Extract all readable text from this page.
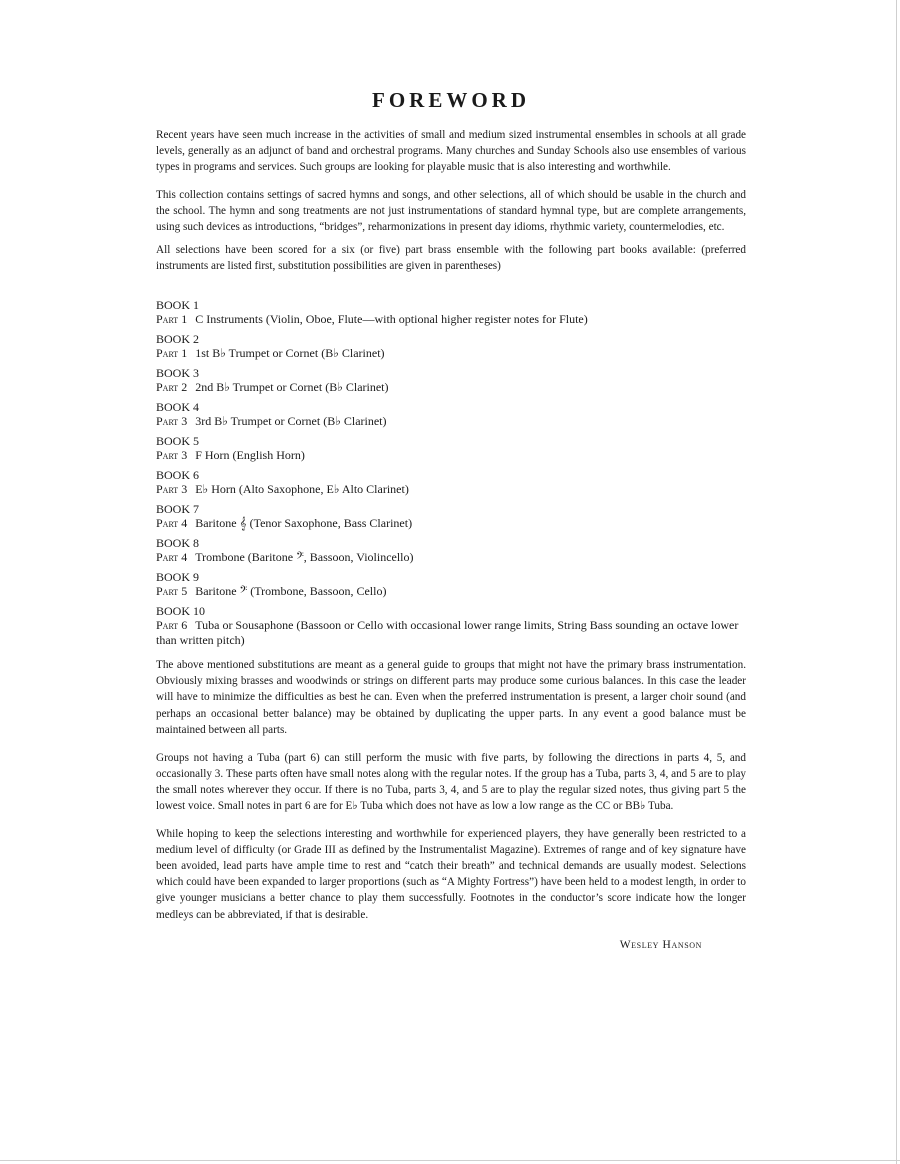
FOREWORD

Recent years have seen much increase in the activities of small and medium sized instrumental ensembles in schools at all grade levels, generally as an adjunct of band and orchestral programs. Many churches and Sunday Schools also use ensembles of various types in programs and services. Such groups are looking for playable music that is also interesting and worthwhile.

This collection contains settings of sacred hymns and songs, and other selections, all of which should be usable in the church and the school. The hymn and song treatments are not just instrumentations of standard hymnal type, but are complete arrangements, using such devices as introductions, “bridges”, reharmonizations in present day idioms, rhythmic variety, countermelodies, etc.

All selections have been scored for a six (or five) part brass ensemble with the following part books available: (preferred instruments are listed first, substitution possibilities are given in parentheses)

BOOK 1
Part 1 C Instruments (Violin, Oboe, Flute—with optional higher register notes for Flute)
BOOK 2
Part 1 1st B♭ Trumpet or Cornet (B♭ Clarinet)
BOOK 3
Part 2 2nd B♭ Trumpet or Cornet (B♭ Clarinet)
BOOK 4
Part 3 3rd B♭ Trumpet or Cornet (B♭ Clarinet)
BOOK 5
Part 3 F Horn (English Horn)
BOOK 6
Part 3 E♭ Horn (Alto Saxophone, E♭ Alto Clarinet)
BOOK 7
Part 4 Baritone 𝄞 (Tenor Saxophone, Bass Clarinet)
BOOK 8
Part 4 Trombone (Baritone 𝄢, Bassoon, Violincello)
BOOK 9
Part 5 Baritone 𝄢 (Trombone, Bassoon, Cello)
BOOK 10
Part 6 Tuba or Sousaphone (Bassoon or Cello with occasional lower range limits, String Bass sounding an octave lower than written pitch)

The above mentioned substitutions are meant as a general guide to groups that might not have the primary brass instrumentation. Obviously mixing brasses and woodwinds or strings on different parts may produce some curious balances. In this case the leader will have to minimize the difficulties as best he can. Even when the preferred instrumentation is present, a larger choir sound (and perhaps an occasional better balance) may be obtained by duplicating the upper parts. In any event a good balance must be maintained between all parts.

Groups not having a Tuba (part 6) can still perform the music with five parts, by following the directions in parts 4, 5, and occasionally 3. These parts often have small notes along with the regular notes. If the group has a Tuba, parts 3, 4, and 5 are to play the small notes wherever they occur. If there is no Tuba, parts 3, 4, and 5 are to play the regular sized notes, thus giving part 5 the lowest voice. Small notes in part 6 are for E♭ Tuba which does not have as low a low range as the CC or BB♭ Tuba.

While hoping to keep the selections interesting and worthwhile for experienced players, they have generally been restricted to a medium level of difficulty (or Grade III as defined by the Instrumentalist Magazine). Extremes of range and of key signature have been avoided, lead parts have ample time to rest and “catch their breath” and technical demands are usually modest. Selections which could have been expanded to larger proportions (such as “A Mighty Fortress”) have been held to a modest length, in order to give younger musicians a better chance to play them successfully. Footnotes in the conductor’s score indicate how the longer medleys can be abbreviated, if that is desirable.

Wesley Hanson
